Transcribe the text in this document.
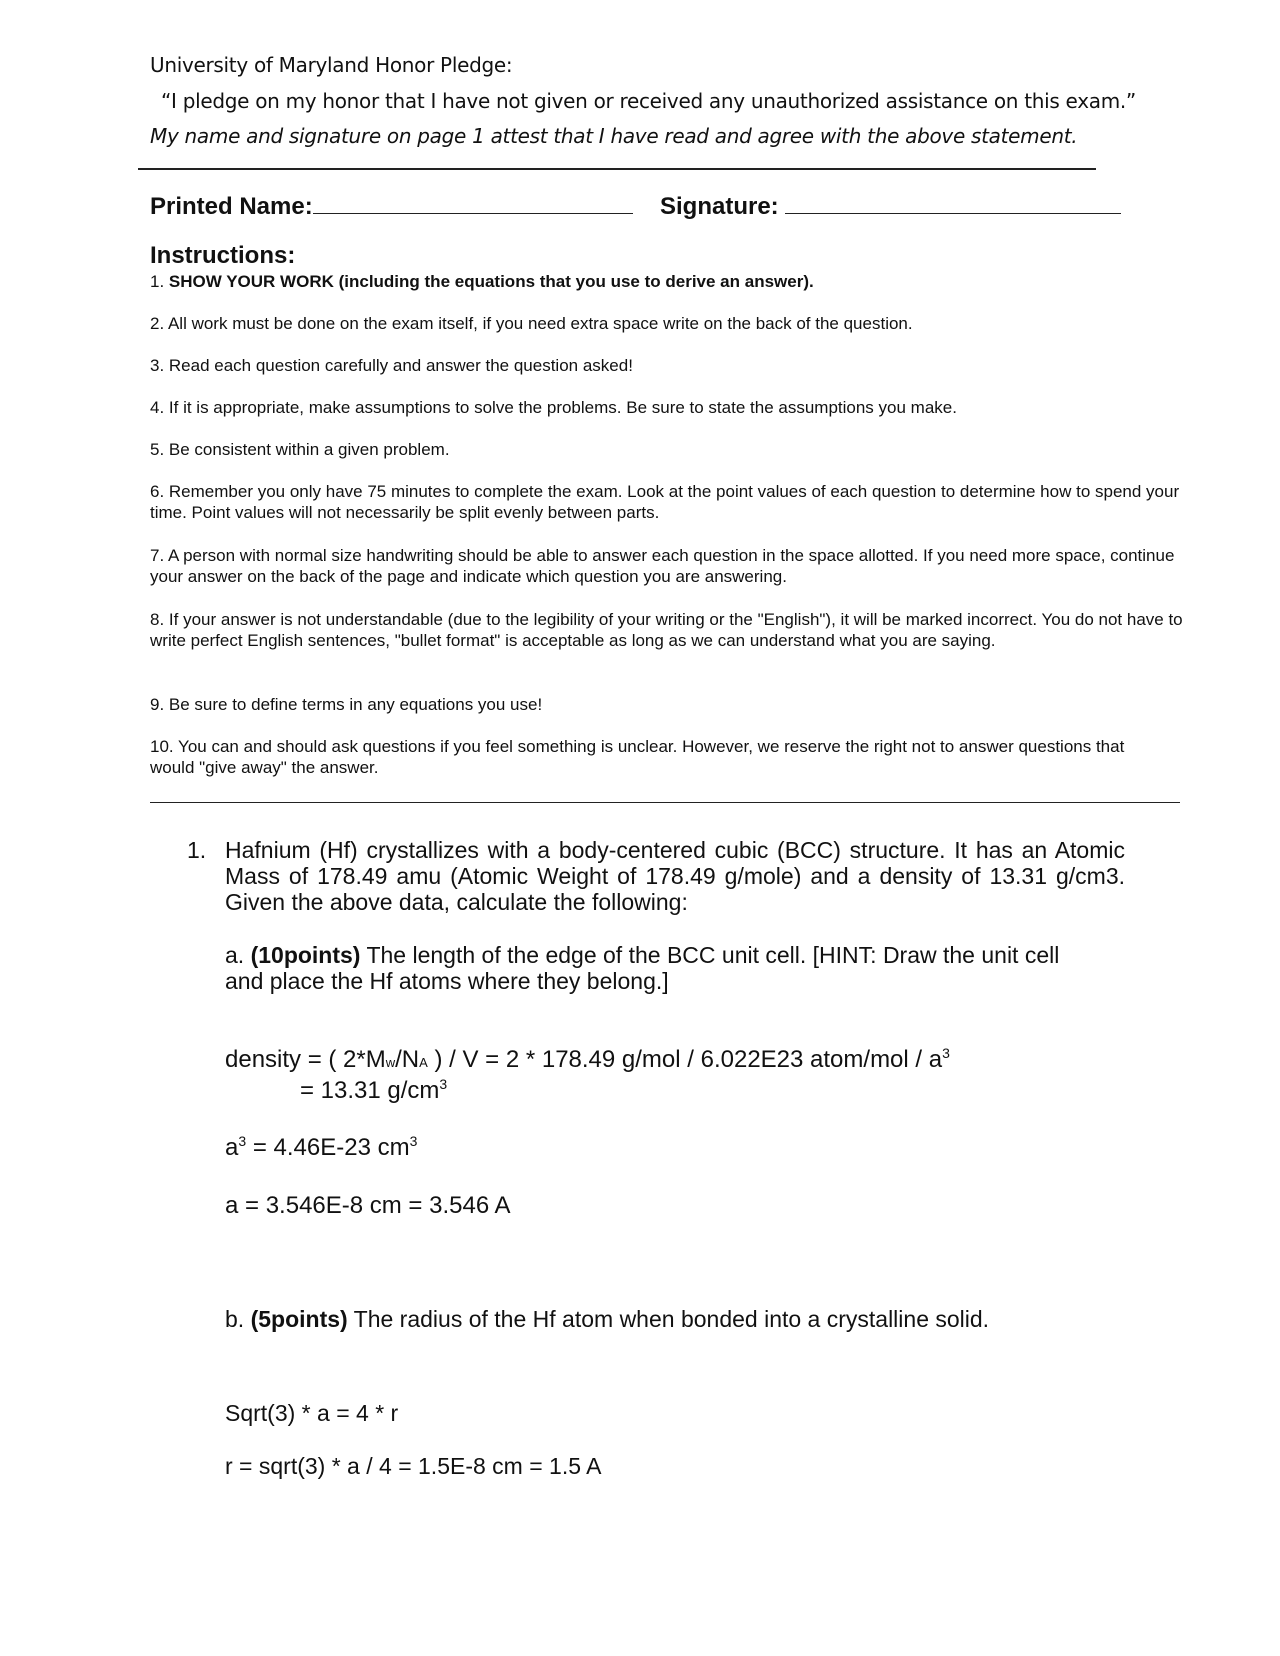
University of Maryland Honor Pledge:
“I pledge on my honor that I have not given or received any unauthorized assistance on this exam.”
My name and signature on page 1 attest that I have read and agree with the above statement.
Printed Name:	Signature:
Instructions:
1. SHOW YOUR WORK (including the equations that you use to derive an answer).
2. All work must be done on the exam itself, if you need extra space write on the back of the question.
3. Read each question carefully and answer the question asked!
4. If it is appropriate, make assumptions to solve the problems. Be sure to state the assumptions you make.
5. Be consistent within a given problem.
6. Remember you only have 75 minutes to complete the exam. Look at the point values of each question to determine how to spend your time. Point values will not necessarily be split evenly between parts.
7. A person with normal size handwriting should be able to answer each question in the space allotted. If you need more space, continue your answer on the back of the page and indicate which question you are answering.
8. If your answer is not understandable (due to the legibility of your writing or the "English"), it will be marked incorrect. You do not have to write perfect English sentences, "bullet format" is acceptable as long as we can understand what you are saying.
9. Be sure to define terms in any equations you use!
10. You can and should ask questions if you feel something is unclear. However, we reserve the right not to answer questions that would "give away" the answer.
1. Hafnium (Hf) crystallizes with a body-centered cubic (BCC) structure. It has an Atomic Mass of 178.49 amu (Atomic Weight of 178.49 g/mole) and a density of 13.31 g/cm3. Given the above data, calculate the following:
a. (10points) The length of the edge of the BCC unit cell. [HINT: Draw the unit cell and place the Hf atoms where they belong.]
density = ( 2*Mw/NA ) / V = 2 * 178.49 g/mol / 6.022E23 atom/mol / $a^3$
= 13.31 $g/cm^3$
$a^3 = 4.46E-23$ $cm^3$
a = 3.546E-8 cm = 3.546 A
b. (5points) The radius of the Hf atom when bonded into a crystalline solid.
Sqrt(3) * a = 4 * r
r = sqrt(3) * a / 4 = 1.5E-8 cm = 1.5 A
